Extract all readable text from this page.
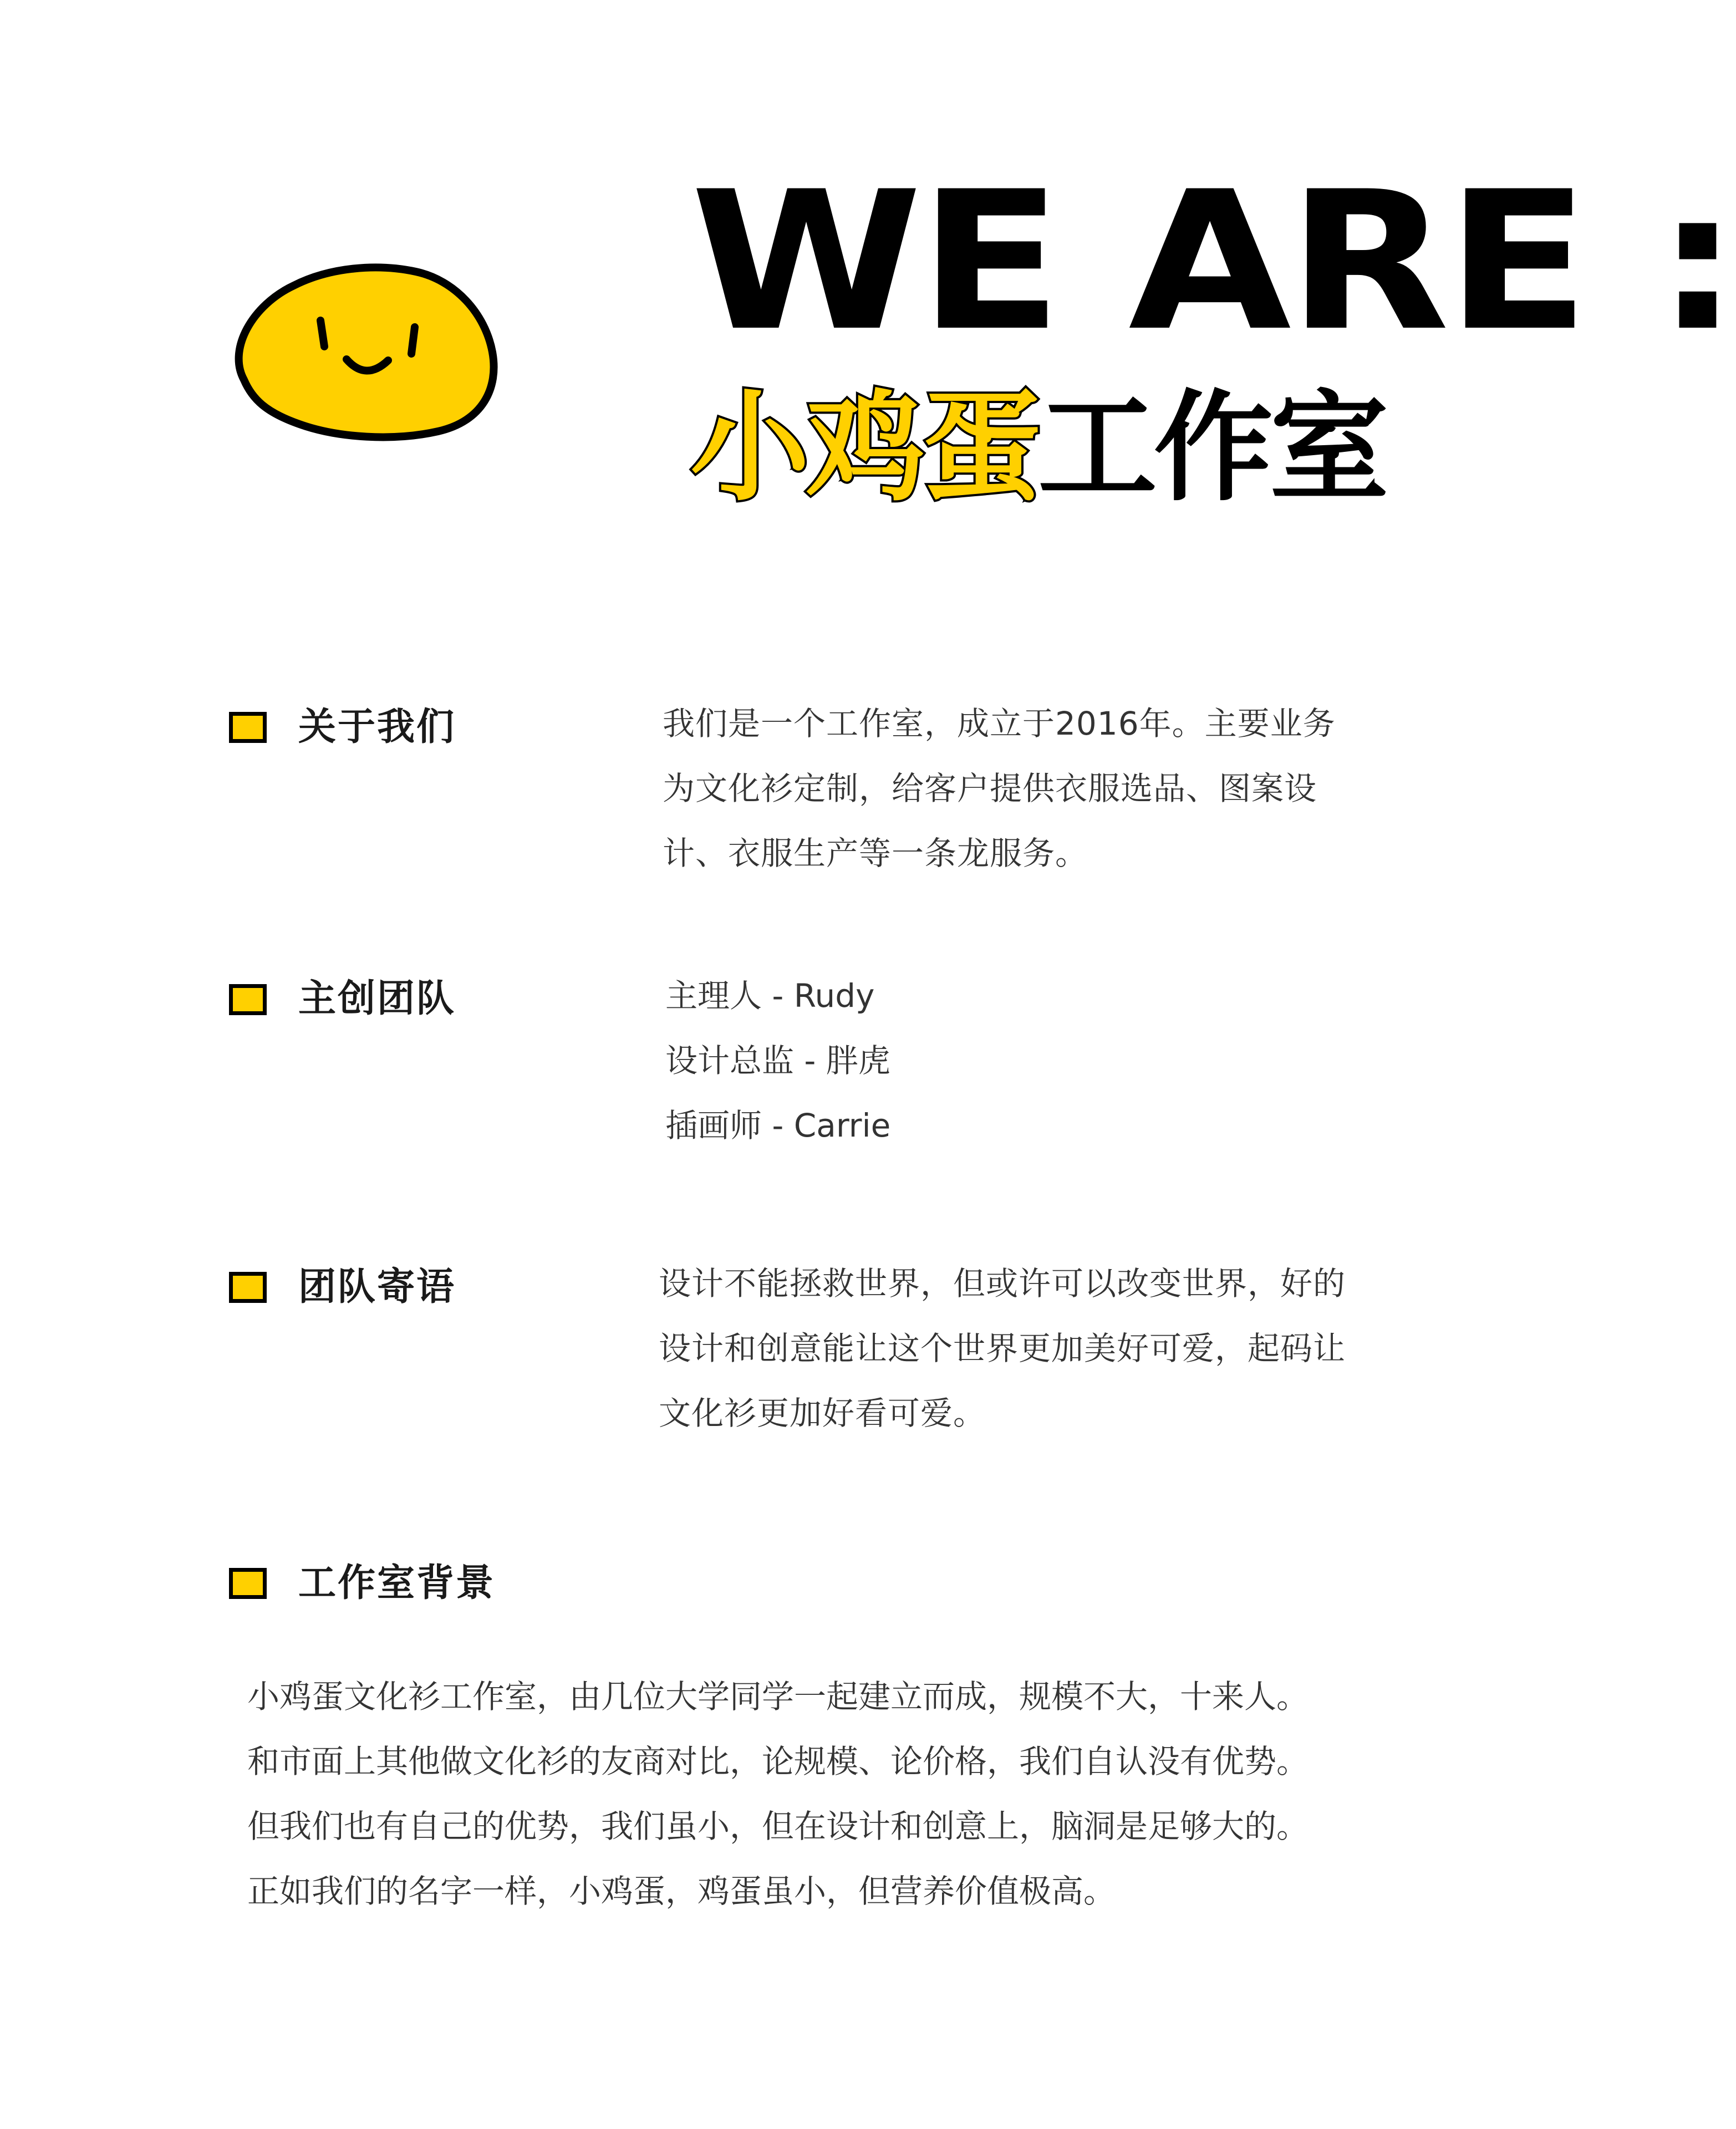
WE ARE :
小鸡蛋工作室
关于我们	我们是一个工作室，成立于2016年。主要业务

为文化衫定制，给客户提供衣服选品、图案设

计、衣服生产等一条龙服务。

主创团队	主理人 - Rudy
设计总监 - 胖虎
插画师 - Carrie
团队寄语	设计不能拯救世界，但或许可以改变世界，好的

设计和创意能让这个世界更加美好可爱，起码让

文化衫更加好看可爱。

工作室背景

小鸡蛋文化衫工作室，由几位大学同学一起建立而成，规模不大，十来人。

和市面上其他做文化衫的友商对比，论规模、论价格，我们自认没有优势。

但我们也有自己的优势，我们虽小，但在设计和创意上，脑洞是足够大的。

正如我们的名字一样，小鸡蛋，鸡蛋虽小，但营养价值极高。
